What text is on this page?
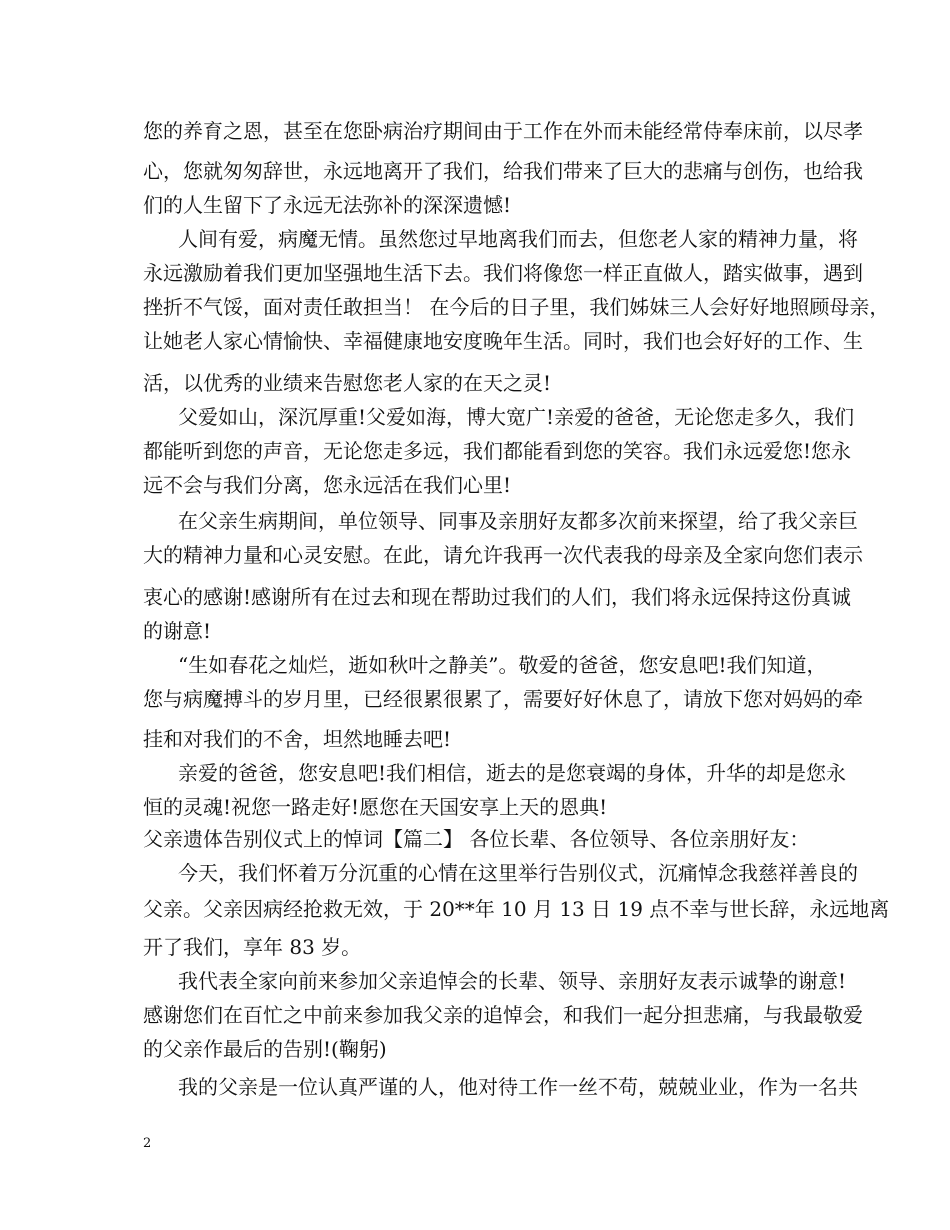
您的养育之恩，甚至在您卧病治疗期间由于工作在外而未能经常侍奉床前，以尽孝
心，您就匆匆辞世，永远地离开了我们，给我们带来了巨大的悲痛与创伤，也给我
们的人生留下了永远无法弥补的深深遗憾!
人间有爱，病魔无情。虽然您过早地离我们而去，但您老人家的精神力量，将
永远激励着我们更加坚强地生活下去。我们将像您一样正直做人，踏实做事，遇到
挫折不气馁，面对责任敢担当！ 在今后的日子里，我们姊妹三人会好好地照顾母亲，
让她老人家心情愉快、幸福健康地安度晚年生活。同时，我们也会好好的工作、生
活，以优秀的业绩来告慰您老人家的在天之灵!
父爱如山，深沉厚重!父爱如海，博大宽广!亲爱的爸爸，无论您走多久，我们
都能听到您的声音，无论您走多远，我们都能看到您的笑容。我们永远爱您!您永
远不会与我们分离，您永远活在我们心里!
在父亲生病期间，单位领导、同事及亲朋好友都多次前来探望，给了我父亲巨
大的精神力量和心灵安慰。在此，请允许我再一次代表我的母亲及全家向您们表示
衷心的感谢!感谢所有在过去和现在帮助过我们的人们，我们将永远保持这份真诚
的谢意!
“生如春花之灿烂，逝如秋叶之静美”。敬爱的爸爸，您安息吧!我们知道，
您与病魔搏斗的岁月里，已经很累很累了，需要好好休息了，请放下您对妈妈的牵
挂和对我们的不舍，坦然地睡去吧!
亲爱的爸爸，您安息吧!我们相信，逝去的是您衰竭的身体，升华的却是您永
恒的灵魂!祝您一路走好!愿您在天国安享上天的恩典!
父亲遗体告别仪式上的悼词【篇二】 各位长辈、各位领导、各位亲朋好友：
今天，我们怀着万分沉重的心情在这里举行告别仪式，沉痛悼念我慈祥善良的
父亲。父亲因病经抢救无效，于 20**年 10 月 13 日 19 点不幸与世长辞，永远地离
开了我们，享年 83 岁。
我代表全家向前来参加父亲追悼会的长辈、领导、亲朋好友表示诚挚的谢意!
感谢您们在百忙之中前来参加我父亲的追悼会，和我们一起分担悲痛，与我最敬爱
的父亲作最后的告别!(鞠躬)
我的父亲是一位认真严谨的人，他对待工作一丝不苟，兢兢业业，作为一名共
2
